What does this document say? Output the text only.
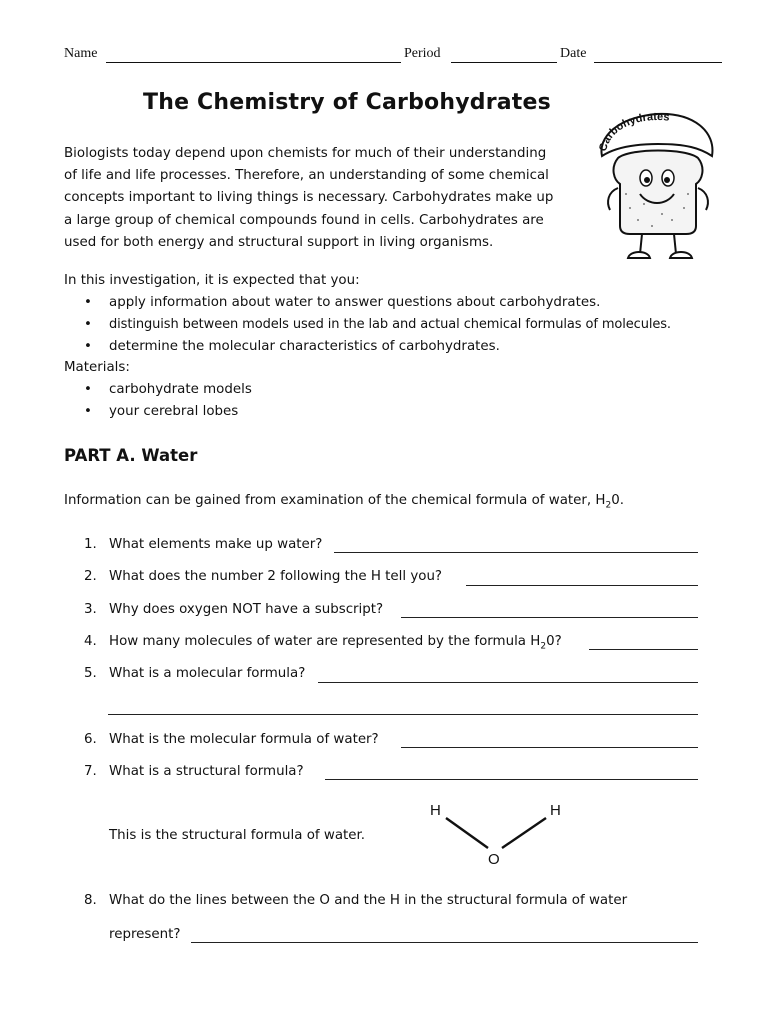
Name	Period	Date
The Chemistry of Carbohydrates

Biologists today depend upon chemists for much of their understanding

of life and life processes. Therefore, an understanding of some chemical

concepts important to living things is necessary. Carbohydrates make up

a large group of chemical compounds found in cells. Carbohydrates are

used for both energy and structural support in living organisms.

Carbohydrates
In this investigation, it is expected that you:
• apply information about water to answer questions about carbohydrates.
• distinguish between models used in the lab and actual chemical formulas of molecules.
• determine the molecular characteristics of carbohydrates.
Materials:
• carbohydrate models
• your cerebral lobes
PART A. Water
Information can be gained from examination of the chemical formula of water, $H_20$.
1. What elements make up water?
2. What does the number 2 following the H tell you?
3. Why does oxygen NOT have a subscript?
4. How many molecules of water are represented by the formula $H_20$?
5. What is a molecular formula?
6. What is the molecular formula of water?
7. What is a structural formula?
This is the structural formula of water.
H	H
O
8. What do the lines between the O and the H in the structural formula of water
represent?
